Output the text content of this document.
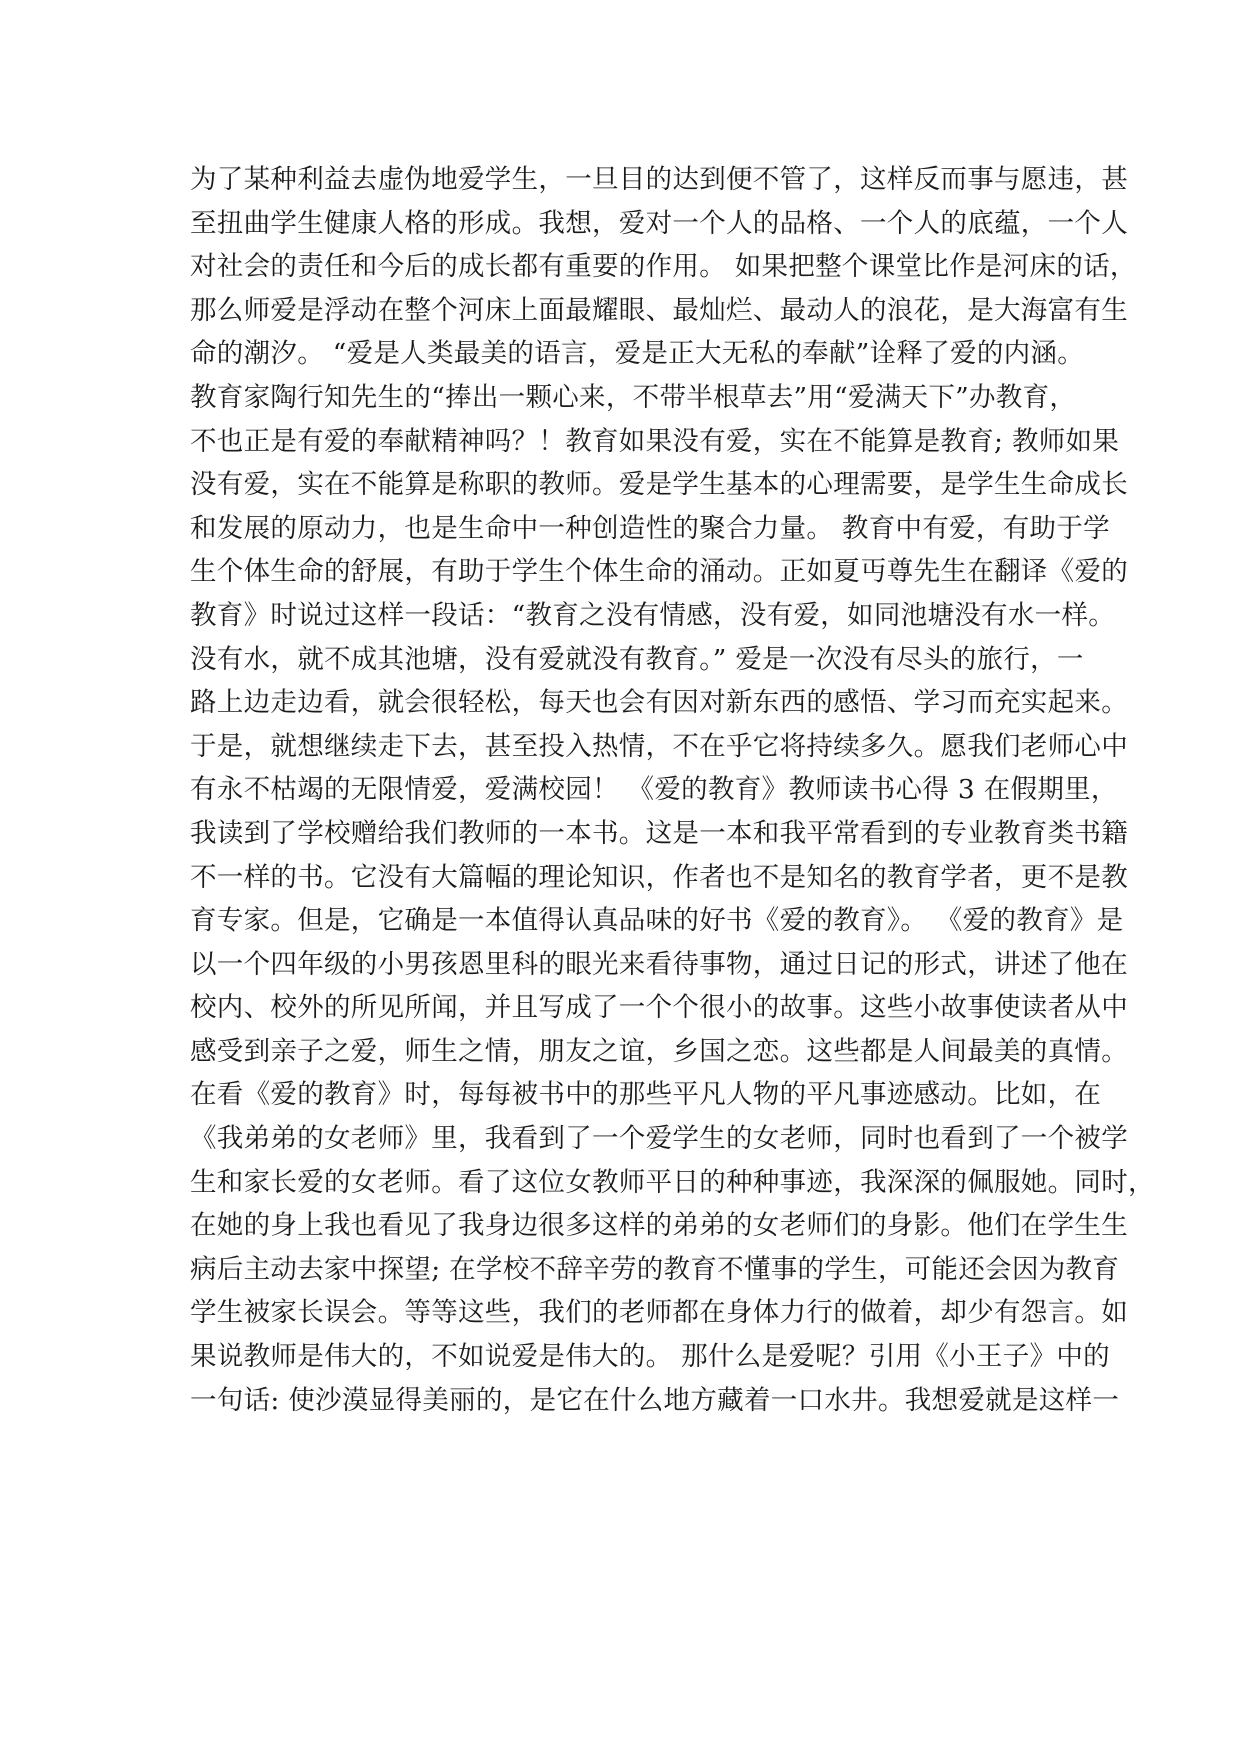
为了某种利益去虚伪地爱学生，一旦目的达到便不管了，这样反而事与愿违，甚
至扭曲学生健康人格的形成。我想，爱对一个人的品格、一个人的底蕴，一个人
对社会的责任和今后的成长都有重要的作用。 如果把整个课堂比作是河床的话，
那么师爱是浮动在整个河床上面最耀眼、最灿烂、最动人的浪花，是大海富有生
命的潮汐。 “爱是人类最美的语言，爱是正大无私的奉献”诠释了爱的内涵。
教育家陶行知先生的“捧出一颗心来，不带半根草去”用“爱满天下”办教育，
不也正是有爱的奉献精神吗？！教育如果没有爱，实在不能算是教育; 教师如果
没有爱，实在不能算是称职的教师。爱是学生基本的心理需要，是学生生命成长
和发展的原动力，也是生命中一种创造性的聚合力量。 教育中有爱，有助于学
生个体生命的舒展，有助于学生个体生命的涌动。正如夏丏尊先生在翻译《爱的
教育》时说过这样一段话：“教育之没有情感，没有爱，如同池塘没有水一样。
没有水，就不成其池塘，没有爱就没有教育。” 爱是一次没有尽头的旅行，一
路上边走边看，就会很轻松，每天也会有因对新东西的感悟、学习而充实起来。
于是，就想继续走下去，甚至投入热情，不在乎它将持续多久。愿我们老师心中
有永不枯竭的无限情爱，爱满校园！ 《爱的教育》教师读书心得 3 在假期里，
我读到了学校赠给我们教师的一本书。这是一本和我平常看到的专业教育类书籍
不一样的书。它没有大篇幅的理论知识，作者也不是知名的教育学者，更不是教
育专家。但是，它确是一本值得认真品味的好书《爱的教育》。 《爱的教育》是
以一个四年级的小男孩恩里科的眼光来看待事物，通过日记的形式，讲述了他在
校内、校外的所见所闻，并且写成了一个个很小的故事。这些小故事使读者从中
感受到亲子之爱，师生之情，朋友之谊，乡国之恋。这些都是人间最美的真情。
在看《爱的教育》时，每每被书中的那些平凡人物的平凡事迹感动。比如，在
《我弟弟的女老师》里，我看到了一个爱学生的女老师，同时也看到了一个被学
生和家长爱的女老师。看了这位女教师平日的种种事迹，我深深的佩服她。同时，
在她的身上我也看见了我身边很多这样的弟弟的女老师们的身影。他们在学生生
病后主动去家中探望; 在学校不辞辛劳的教育不懂事的学生，可能还会因为教育
学生被家长误会。等等这些，我们的老师都在身体力行的做着，却少有怨言。如
果说教师是伟大的，不如说爱是伟大的。 那什么是爱呢？引用《小王子》中的
一句话: 使沙漠显得美丽的，是它在什么地方藏着一口水井。我想爱就是这样一
